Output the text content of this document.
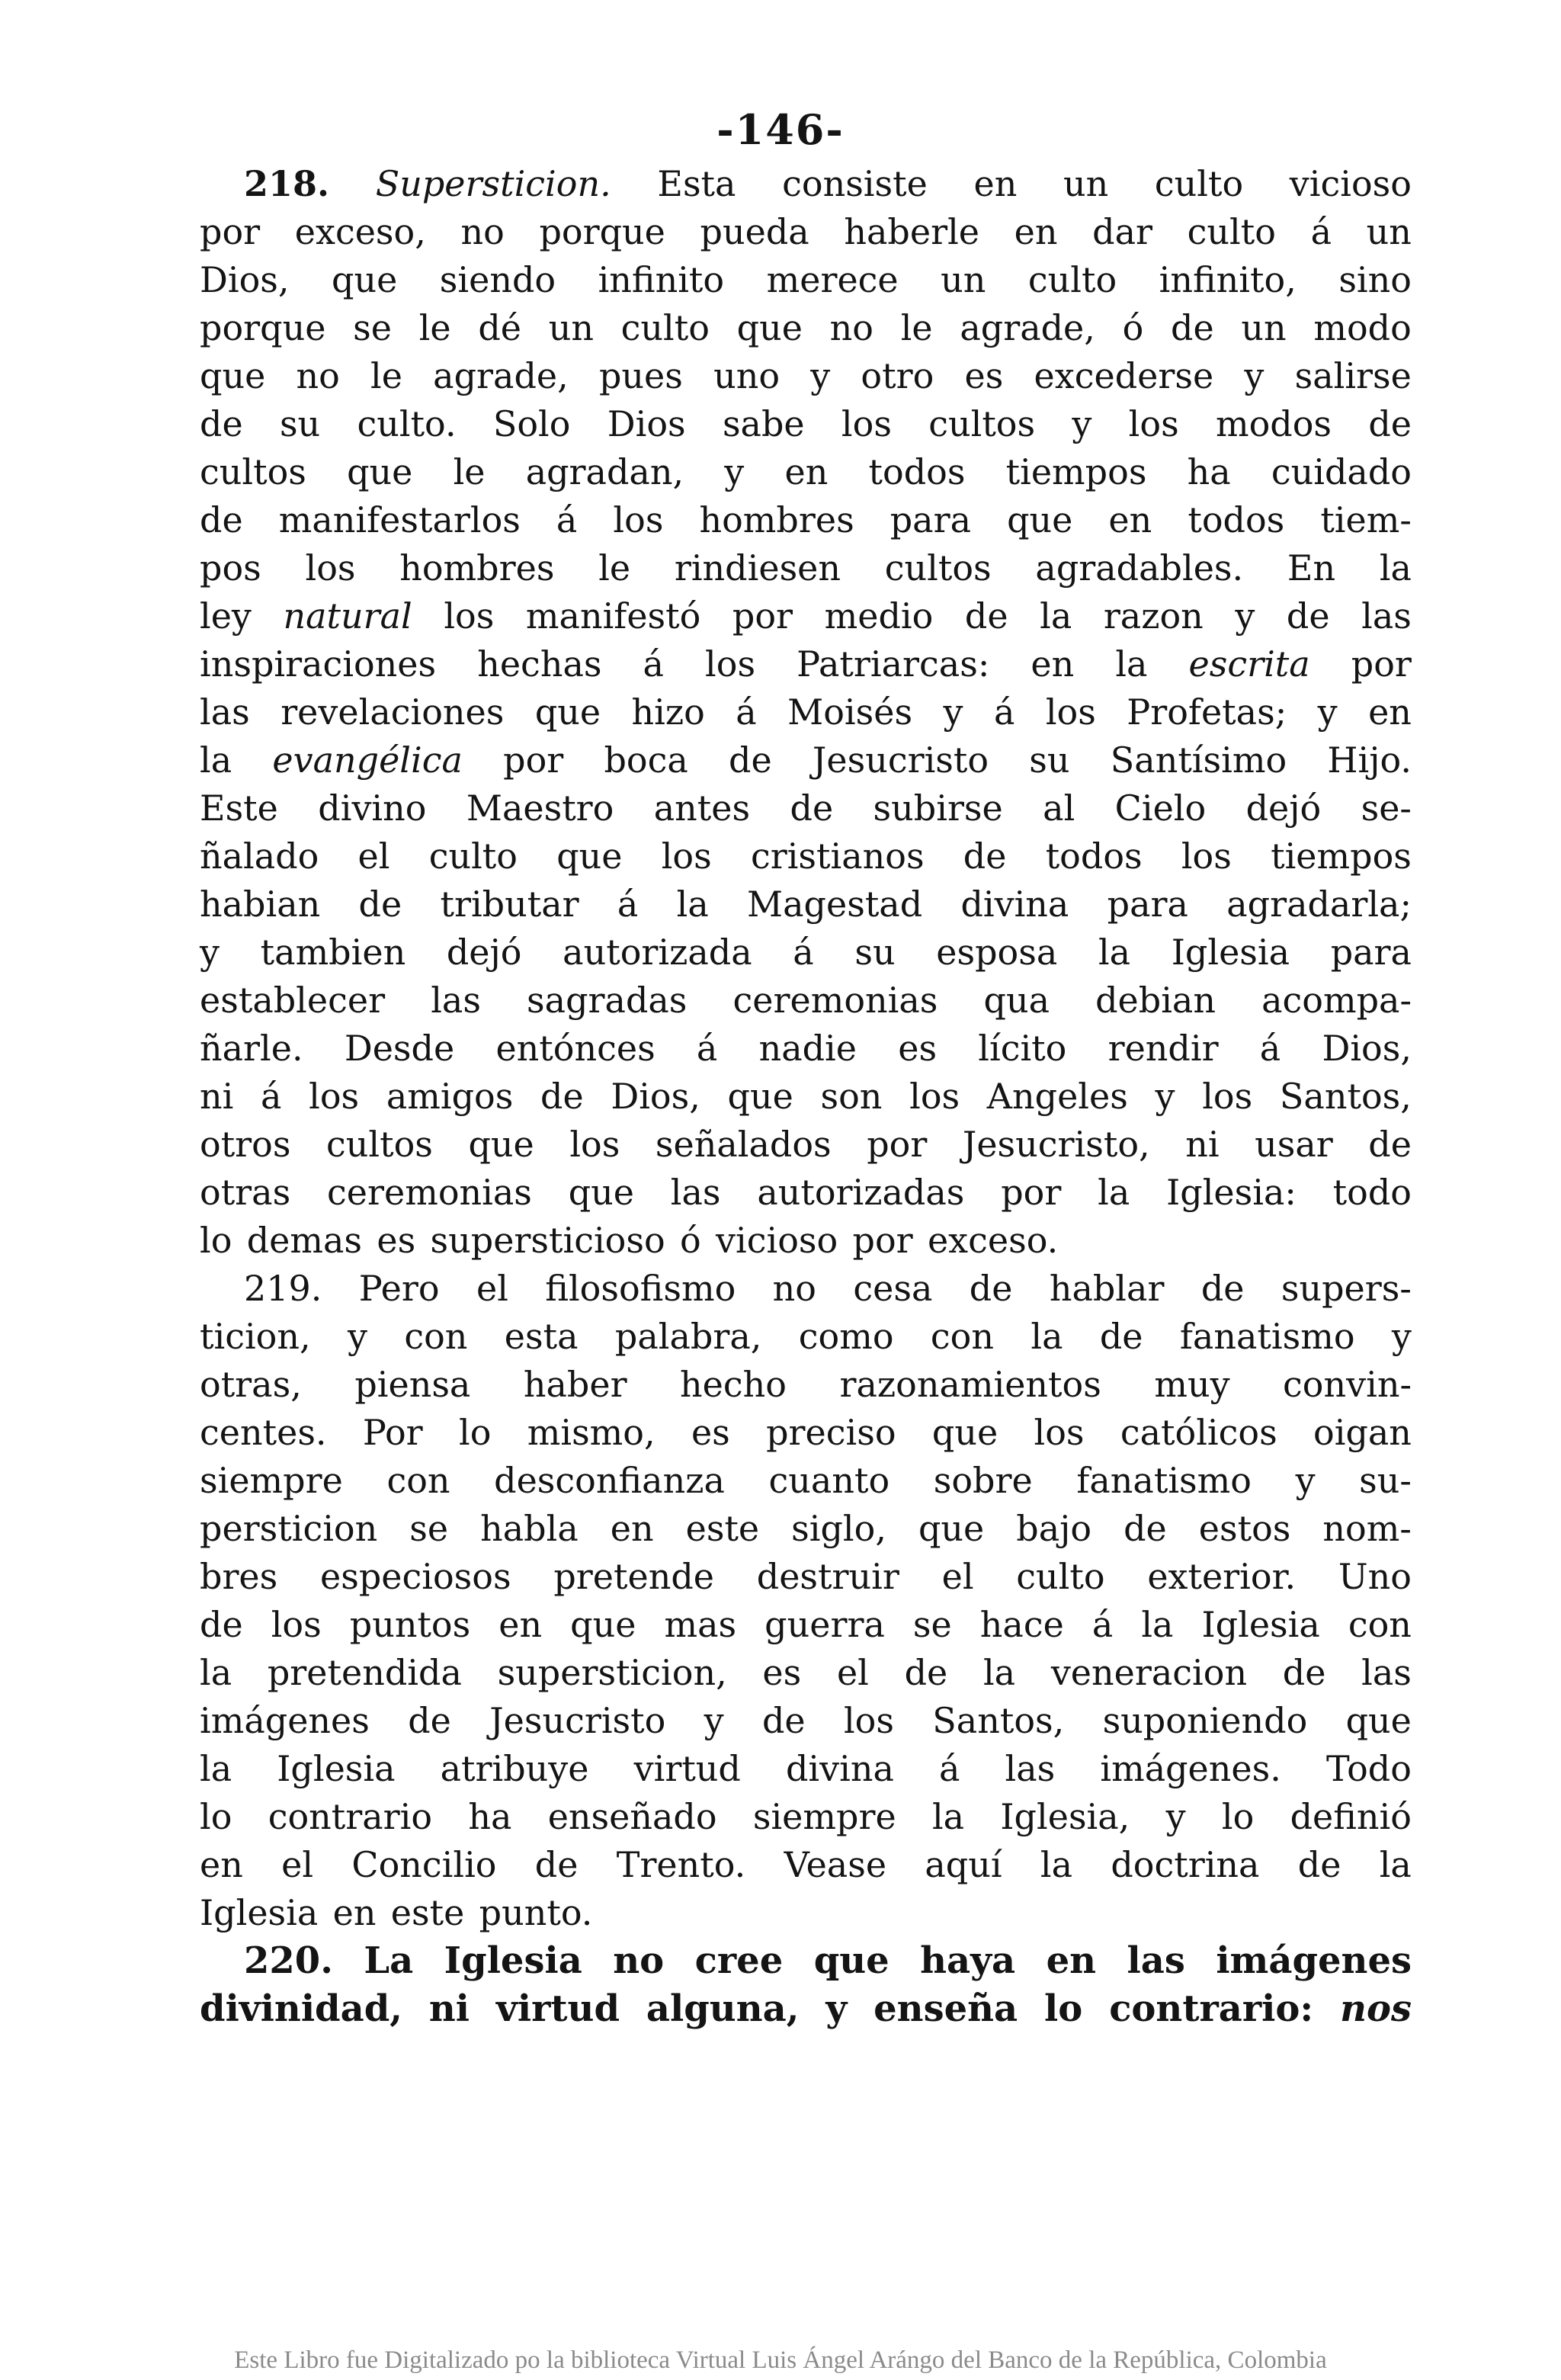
-146-
218. Supersticion. Esta consiste en un culto vicioso
por exceso, no porque pueda haberle en dar culto á un
Dios, que siendo infinito merece un culto infinito, sino
porque se le dé un culto que no le agrade, ó de un modo
que no le agrade, pues uno y otro es excederse y salirse
de su culto. Solo Dios sabe los cultos y los modos de
cultos que le agradan, y en todos tiempos ha cuidado
de manifestarlos á los hombres para que en todos tiem-
pos los hombres le rindiesen cultos agradables. En la
ley natural los manifestó por medio de la razon y de las
inspiraciones hechas á los Patriarcas: en la escrita por
las revelaciones que hizo á Moisés y á los Profetas; y en
la evangélica por boca de Jesucristo su Santísimo Hijo.
Este divino Maestro antes de subirse al Cielo dejó se-
ñalado el culto que los cristianos de todos los tiempos
habian de tributar á la Magestad divina para agradarla;
y tambien dejó autorizada á su esposa la Iglesia para
establecer las sagradas ceremonias qua debian acompa-
ñarle. Desde entónces á nadie es lícito rendir á Dios,
ni á los amigos de Dios, que son los Angeles y los Santos,
otros cultos que los señalados por Jesucristo, ni usar de
otras ceremonias que las autorizadas por la Iglesia: todo
lo demas es supersticioso ó vicioso por exceso.
219. Pero el filosofismo no cesa de hablar de supers-
ticion, y con esta palabra, como con la de fanatismo y
otras, piensa haber hecho razonamientos muy convin-
centes. Por lo mismo, es preciso que los católicos oigan
siempre con desconfianza cuanto sobre fanatismo y su-
persticion se habla en este siglo, que bajo de estos nom-
bres especiosos pretende destruir el culto exterior. Uno
de los puntos en que mas guerra se hace á la Iglesia con
la pretendida supersticion, es el de la veneracion de las
imágenes de Jesucristo y de los Santos, suponiendo que
la Iglesia atribuye virtud divina á las imágenes. Todo
lo contrario ha enseñado siempre la Iglesia, y lo definió
en el Concilio de Trento. Vease aquí la doctrina de la
Iglesia en este punto.
220. La Iglesia no cree que haya en las imágenes
divinidad, ni virtud alguna, y enseña lo contrario: nos
Este Libro fue Digitalizado po la biblioteca Virtual Luis Ángel Arángo del Banco de la República, Colombia
